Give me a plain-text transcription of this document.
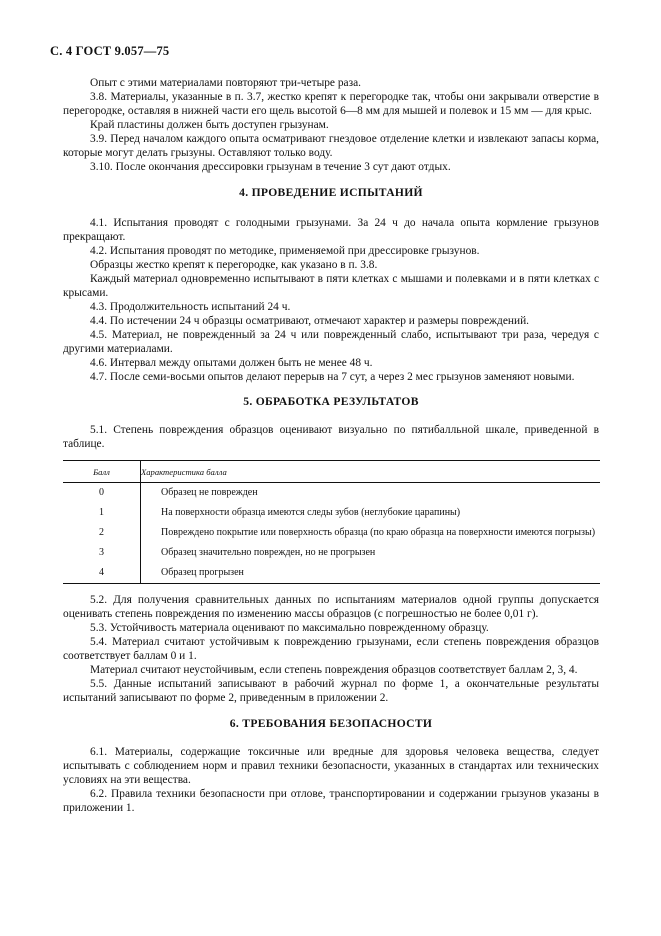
С. 4 ГОСТ 9.057—75

Опыт с этими материалами повторяют три-четыре раза.

3.8. Материалы, указанные в п. 3.7, жестко крепят к перегородке так, чтобы они закрывали отверстие в перегородке, оставляя в нижней части его щель высотой 6—8 мм для мышей и полевок и 15 мм — для крыс.

Край пластины должен быть доступен грызунам.

3.9. Перед началом каждого опыта осматривают гнездовое отделение клетки и извлекают запасы корма, которые могут делать грызуны. Оставляют только воду.

3.10. После окончания дрессировки грызунам в течение 3 сут дают отдых.

4. ПРОВЕДЕНИЕ ИСПЫТАНИЙ

4.1. Испытания проводят с голодными грызунами. За 24 ч до начала опыта кормление грызунов прекращают.

4.2. Испытания проводят по методике, применяемой при дрессировке грызунов.

Образцы жестко крепят к перегородке, как указано в п. 3.8.

Каждый материал одновременно испытывают в пяти клетках с мышами и полевками и в пяти клетках с крысами.

4.3. Продолжительность испытаний 24 ч.

4.4. По истечении 24 ч образцы осматривают, отмечают характер и размеры повреждений.

4.5. Материал, не поврежденный за 24 ч или поврежденный слабо, испытывают три раза, чередуя с другими материалами.

4.6. Интервал между опытами должен быть не менее 48 ч.

4.7. После семи-восьми опытов делают перерыв на 7 сут, а через 2 мес грызунов заменяют новыми.

5. ОБРАБОТКА РЕЗУЛЬТАТОВ

5.1. Степень повреждения образцов оценивают визуально по пятибалльной шкале, приведенной в таблице.

Балл	Характеристика балла
0	Образец не поврежден
1	На поверхности образца имеются следы зубов (неглубокие царапины)
2	Повреждено покрытие или поверхность образца (по краю образца на поверхности имеются погрызы)
3	Образец значительно поврежден, но не прогрызен
4	Образец прогрызен

5.2. Для получения сравнительных данных по испытаниям материалов одной группы допускается оценивать степень повреждения по изменению массы образцов (с погрешностью не более 0,01 г).

5.3. Устойчивость материала оценивают по максимально поврежденному образцу.

5.4. Материал считают устойчивым к повреждению грызунами, если степень повреждения образцов соответствует баллам 0 и 1.

Материал считают неустойчивым, если степень повреждения образцов соответствует баллам 2, 3, 4.

5.5. Данные испытаний записывают в рабочий журнал по форме 1, а окончательные результаты испытаний записывают по форме 2, приведенным в приложении 2.

6. ТРЕБОВАНИЯ БЕЗОПАСНОСТИ

6.1. Материалы, содержащие токсичные или вредные для здоровья человека вещества, следует испытывать с соблюдением норм и правил техники безопасности, указанных в стандартах или технических условиях на эти вещества.

6.2. Правила техники безопасности при отлове, транспортировании и содержании грызунов указаны в приложении 1.
